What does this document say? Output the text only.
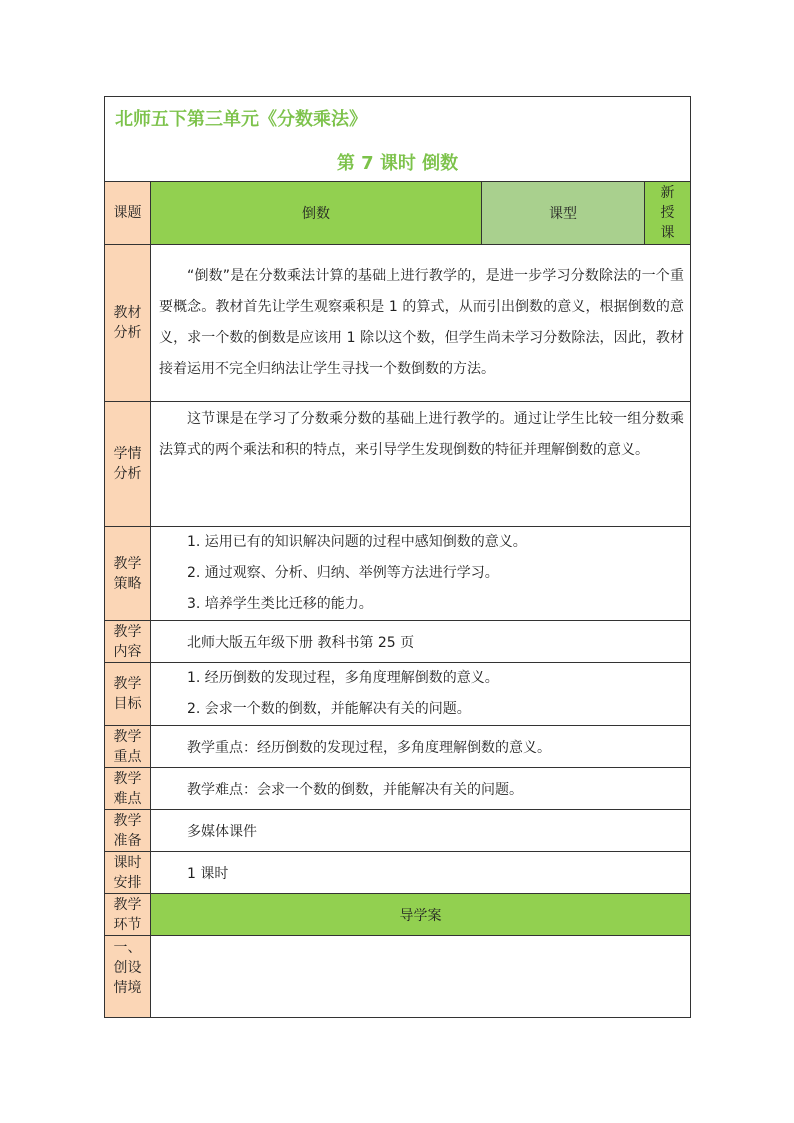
北师五下第三单元《分数乘法》
第 7 课时 倒数			

课题	倒数	课型	新授课
教材分析	“倒数”是在分数乘法计算的基础上进行教学的，是进一步学习分数除法的一个重要概念。教材首先让学生观察乘积是 1 的算式，从而引出倒数的意义，根据倒数的意义，求一个数的倒数是应该用 1 除以这个数，但学生尚未学习分数除法，因此，教材接着运用不完全归纳法让学生寻找一个数倒数的方法。		
学情分析	这节课是在学习了分数乘分数的基础上进行教学的。通过让学生比较一组分数乘法算式的两个乘法和积的特点，来引导学生发现倒数的特征并理解倒数的意义。		
教学策略	1. 运用已有的知识解决问题的过程中感知倒数的意义。
2. 通过观察、分析、归纳、举例等方法进行学习。
3. 培养学生类比迁移的能力。		

教学内容	北师大版五年级下册 教科书第 25 页		
教学目标	1. 经历倒数的发现过程，多角度理解倒数的意义。
2. 会求一个数的倒数，并能解决有关的问题。		

教学重点	教学重点：经历倒数的发现过程，多角度理解倒数的意义。		
教学难点	教学难点：会求一个数的倒数，并能解决有关的问题。		
教学准备	多媒体课件		
课时安排	1 课时		
教学环节	导学案		
一、创设情境			
